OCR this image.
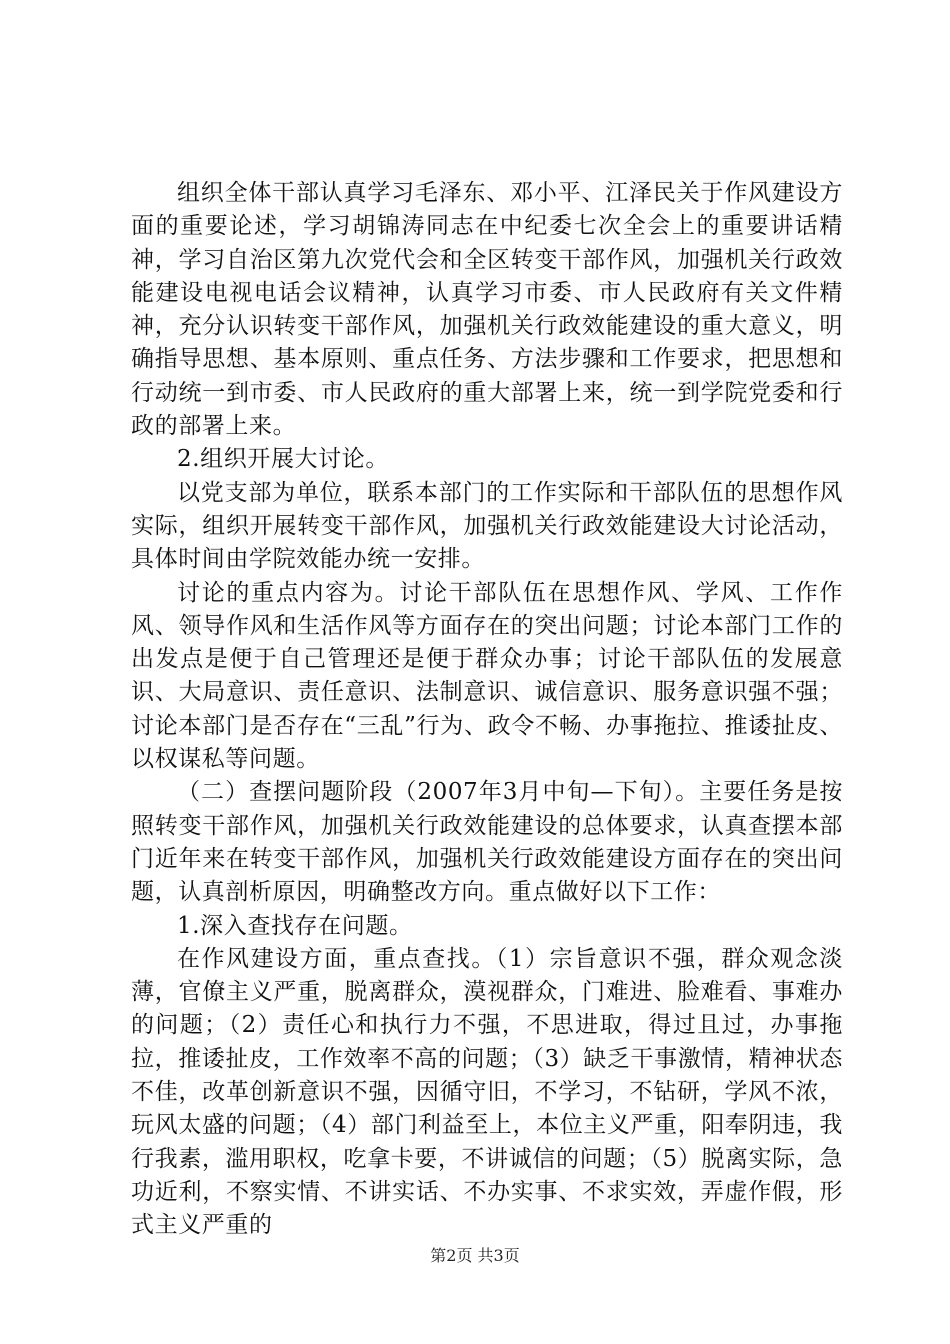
组织全体干部认真学习毛泽东、邓小平、江泽民关于作风建设方面的重要论述，学习胡锦涛同志在中纪委七次全会上的重要讲话精神，学习自治区第九次党代会和全区转变干部作风，加强机关行政效能建设电视电话会议精神，认真学习市委、市人民政府有关文件精神，充分认识转变干部作风，加强机关行政效能建设的重大意义，明确指导思想、基本原则、重点任务、方法步骤和工作要求，把思想和行动统一到市委、市人民政府的重大部署上来，统一到学院党委和行政的部署上来。

2.组织开展大讨论。

以党支部为单位，联系本部门的工作实际和干部队伍的思想作风实际，组织开展转变干部作风，加强机关行政效能建设大讨论活动，具体时间由学院效能办统一安排。

讨论的重点内容为。讨论干部队伍在思想作风、学风、工作作风、领导作风和生活作风等方面存在的突出问题；讨论本部门工作的出发点是便于自己管理还是便于群众办事；讨论干部队伍的发展意识、大局意识、责任意识、法制意识、诚信意识、服务意识强不强；讨论本部门是否存在“三乱”行为、政令不畅、办事拖拉、推诿扯皮、以权谋私等问题。

（二）查摆问题阶段（2007年3月中旬—下旬）。主要任务是按照转变干部作风，加强机关行政效能建设的总体要求，认真查摆本部门近年来在转变干部作风，加强机关行政效能建设方面存在的突出问题，认真剖析原因，明确整改方向。重点做好以下工作：

1.深入查找存在问题。

在作风建设方面，重点查找。（1）宗旨意识不强，群众观念淡薄，官僚主义严重，脱离群众，漠视群众，门难进、脸难看、事难办的问题；（2）责任心和执行力不强，不思进取，得过且过，办事拖拉，推诿扯皮，工作效率不高的问题；（3）缺乏干事激情，精神状态不佳，改革创新意识不强，因循守旧，不学习，不钻研，学风不浓，玩风太盛的问题；（4）部门利益至上，本位主义严重，阳奉阴违，我行我素，滥用职权，吃拿卡要，不讲诚信的问题；（5）脱离实际，急功近利，不察实情、不讲实话、不办实事、不求实效，弄虚作假，形式主义严重的

第2页 共3页
